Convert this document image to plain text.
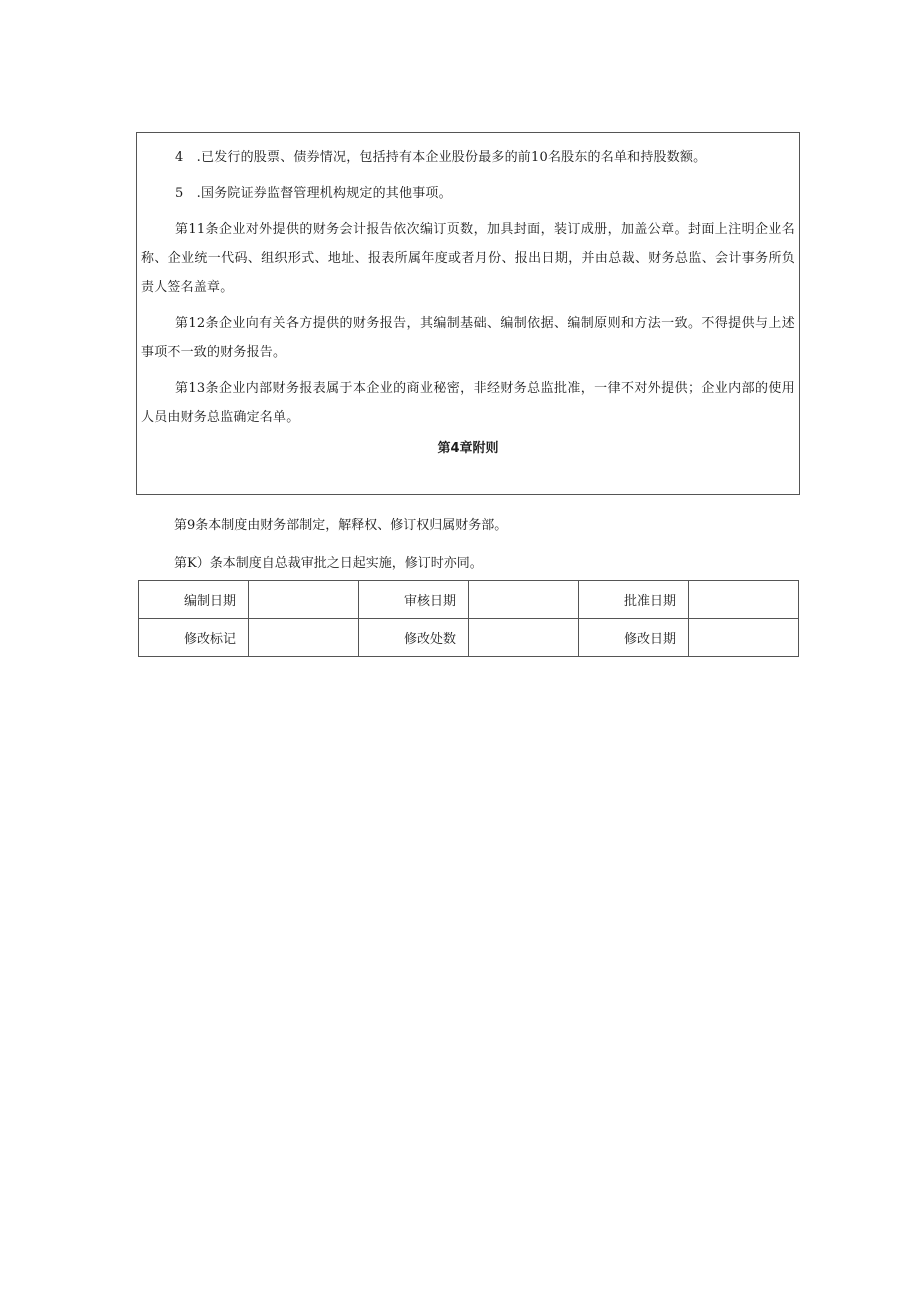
4　.已发行的股票、债券情况，包括持有本企业股份最多的前10名股东的名单和持股数额。

5　.国务院证券监督管理机构规定的其他事项。

第11条企业对外提供的财务会计报告依次编订页数，加具封面，装订成册，加盖公章。封面上注明企业名称、企业统一代码、组织形式、地址、报表所属年度或者月份、报出日期，并由总裁、财务总监、会计事务所负责人签名盖章。

第12条企业向有关各方提供的财务报告，其编制基础、编制依据、编制原则和方法一致。不得提供与上述事项不一致的财务报告。

第13条企业内部财务报表属于本企业的商业秘密，非经财务总监批准，一律不对外提供；企业内部的使用人员由财务总监确定名单。

第4章附则
第9条本制度由财务部制定，解释权、修订权归属财务部。
第K）条本制度自总裁审批之日起实施，修订时亦同。
编制日期		审核日期		批准日期	
修改标记		修改处数		修改日期	
